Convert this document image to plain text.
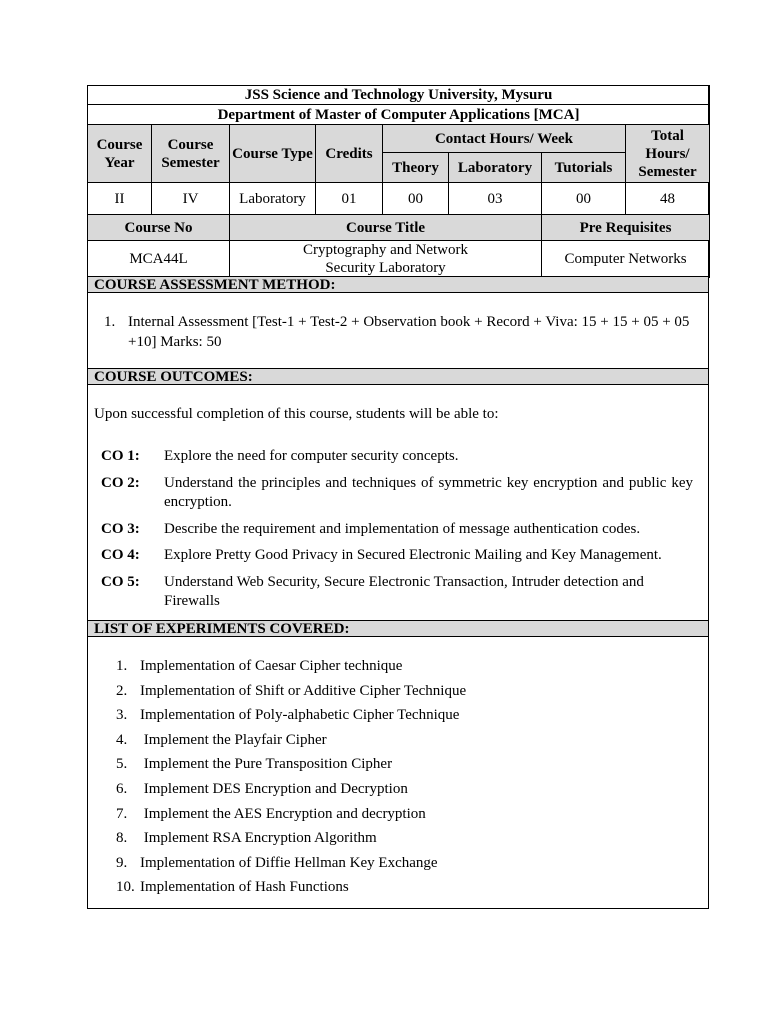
JSS Science and Technology University, Mysuru							
Department of Master of Computer Applications [MCA]							
Course Year	Course Semester	Course Type	Credits	Contact Hours/ Week			Total Hours/ Semester
				Theory	Laboratory	Tutorials	
II	IV	Laboratory	01	00	03	00	48
Course No		Course Title				Pre Requisites	
MCA44L		Cryptography and Network Security Laboratory				Computer Networks	
COURSE ASSESSMENT METHOD:
1. Internal Assessment [Test-1 + Test-2 + Observation book + Record + Viva: 15 + 15 + 05 + 05 +10] Marks: 50
COURSE OUTCOMES:
Upon successful completion of this course, students will be able to:
CO 1: Explore the need for computer security concepts.
CO 2: Understand the principles and techniques of symmetric key encryption and public key encryption.
CO 3: Describe the requirement and implementation of message authentication codes.
CO 4: Explore Pretty Good Privacy in Secured Electronic Mailing and Key Management.
CO 5: Understand Web Security, Secure Electronic Transaction, Intruder detection and Firewalls
LIST OF EXPERIMENTS COVERED:
1. Implementation of Caesar Cipher technique
2. Implementation of Shift or Additive Cipher Technique
3. Implementation of Poly-alphabetic Cipher Technique
4. Implement the Playfair Cipher
5. Implement the Pure Transposition Cipher
6. Implement DES Encryption and Decryption
7. Implement the AES Encryption and decryption
8. Implement RSA Encryption Algorithm
9. Implementation of Diffie Hellman Key Exchange
10. Implementation of Hash Functions
